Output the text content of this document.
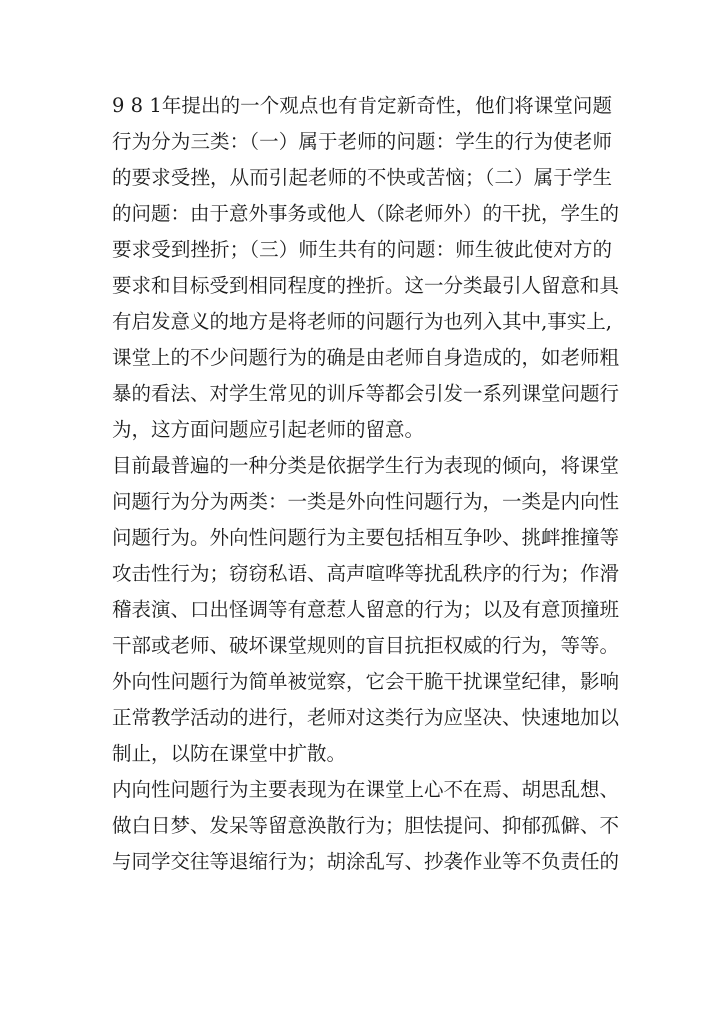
9 8 1年提出的一个观点也有肯定新奇性，他们将课堂问题
行为分为三类：（一）属于老师的问题：学生的行为使老师
的要求受挫，从而引起老师的不快或苦恼；（二）属于学生
的问题：由于意外事务或他人（除老师外）的干扰，学生的
要求受到挫折；（三）师生共有的问题：师生彼此使对方的
要求和目标受到相同程度的挫折。这一分类最引人留意和具
有启发意义的地方是将老师的问题行为也列入其中,事实上,
课堂上的不少问题行为的确是由老师自身造成的，如老师粗
暴的看法、对学生常见的训斥等都会引发一系列课堂问题行
为，这方面问题应引起老师的留意。
目前最普遍的一种分类是依据学生行为表现的倾向，将课堂
问题行为分为两类：一类是外向性问题行为，一类是内向性
问题行为。外向性问题行为主要包括相互争吵、挑衅推撞等
攻击性行为；窃窃私语、高声喧哗等扰乱秩序的行为；作滑
稽表演、口出怪调等有意惹人留意的行为；以及有意顶撞班
干部或老师、破坏课堂规则的盲目抗拒权威的行为，等等。
外向性问题行为简单被觉察，它会干脆干扰课堂纪律，影响
正常教学活动的进行，老师对这类行为应坚决、快速地加以
制止，以防在课堂中扩散。
内向性问题行为主要表现为在课堂上心不在焉、胡思乱想、
做白日梦、发呆等留意涣散行为；胆怯提问、抑郁孤僻、不
与同学交往等退缩行为；胡涂乱写、抄袭作业等不负责任的
